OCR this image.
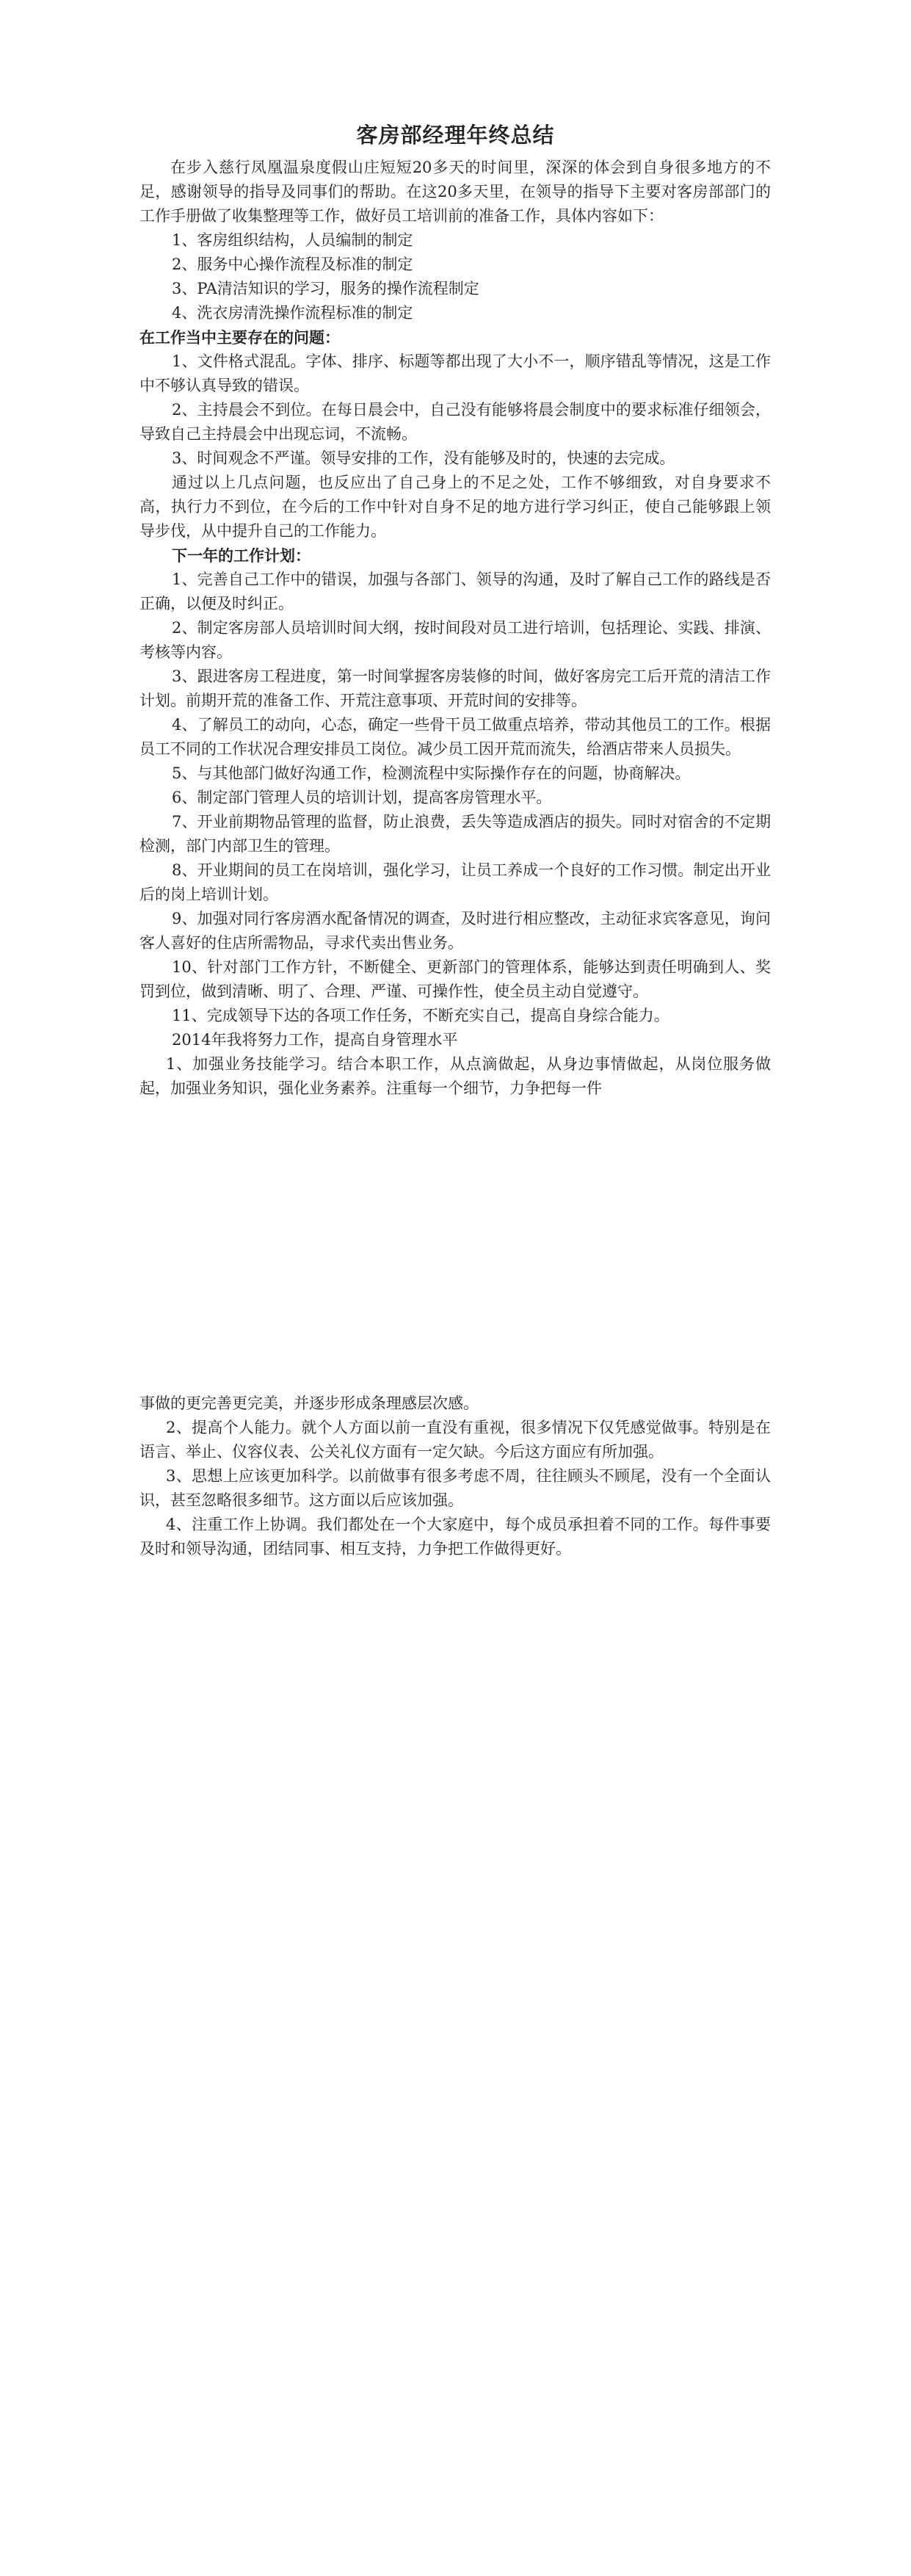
客房部经理年终总结

在步入慈行凤凰温泉度假山庄短短20多天的时间里，深深的体会到自身很多地方的不足，感谢领导的指导及同事们的帮助。在这20多天里，在领导的指导下主要对客房部部门的工作手册做了收集整理等工作，做好员工培训前的准备工作，具体内容如下：

1、客房组织结构，人员编制的制定

2、服务中心操作流程及标准的制定

3、PA清洁知识的学习，服务的操作流程制定

4、洗衣房清洗操作流程标准的制定

在工作当中主要存在的问题：

1、文件格式混乱。字体、排序、标题等都出现了大小不一，顺序错乱等情况，这是工作中不够认真导致的错误。

2、主持晨会不到位。在每日晨会中，自己没有能够将晨会制度中的要求标准仔细领会，导致自己主持晨会中出现忘词，不流畅。

3、时间观念不严谨。领导安排的工作，没有能够及时的，快速的去完成。

通过以上几点问题，也反应出了自己身上的不足之处，工作不够细致，对自身要求不高，执行力不到位，在今后的工作中针对自身不足的地方进行学习纠正，使自己能够跟上领导步伐，从中提升自己的工作能力。

下一年的工作计划：

1、完善自己工作中的错误，加强与各部门、领导的沟通，及时了解自己工作的路线是否正确，以便及时纠正。

2、制定客房部人员培训时间大纲，按时间段对员工进行培训，包括理论、实践、排演、考核等内容。

3、跟进客房工程进度，第一时间掌握客房装修的时间，做好客房完工后开荒的清洁工作计划。前期开荒的准备工作、开荒注意事项、开荒时间的安排等。

4、了解员工的动向，心态，确定一些骨干员工做重点培养，带动其他员工的工作。根据员工不同的工作状况合理安排员工岗位。减少员工因开荒而流失，给酒店带来人员损失。

5、与其他部门做好沟通工作，检测流程中实际操作存在的问题，协商解决。

6、制定部门管理人员的培训计划，提高客房管理水平。

7、开业前期物品管理的监督，防止浪费，丢失等造成酒店的损失。同时对宿舍的不定期检测，部门内部卫生的管理。

8、开业期间的员工在岗培训，强化学习，让员工养成一个良好的工作习惯。制定出开业后的岗上培训计划。

9、加强对同行客房酒水配备情况的调查，及时进行相应整改，主动征求宾客意见，询问客人喜好的住店所需物品，寻求代卖出售业务。

10、针对部门工作方针，不断健全、更新部门的管理体系，能够达到责任明确到人、奖罚到位，做到清晰、明了、合理、严谨、可操作性，使全员主动自觉遵守。

11、完成领导下达的各项工作任务，不断充实自己，提高自身综合能力。

2014年我将努力工作，提高自身管理水平

1、加强业务技能学习。结合本职工作，从点滴做起，从身边事情做起，从岗位服务做起，加强业务知识，强化业务素养。注重每一个细节，力争把每一件

事做的更完善更完美，并逐步形成条理感层次感。

2、提高个人能力。就个人方面以前一直没有重视，很多情况下仅凭感觉做事。特别是在语言、举止、仪容仪表、公关礼仪方面有一定欠缺。今后这方面应有所加强。

3、思想上应该更加科学。以前做事有很多考虑不周，往往顾头不顾尾，没有一个全面认识，甚至忽略很多细节。这方面以后应该加强。

4、注重工作上协调。我们都处在一个大家庭中，每个成员承担着不同的工作。每件事要及时和领导沟通，团结同事、相互支持，力争把工作做得更好。
